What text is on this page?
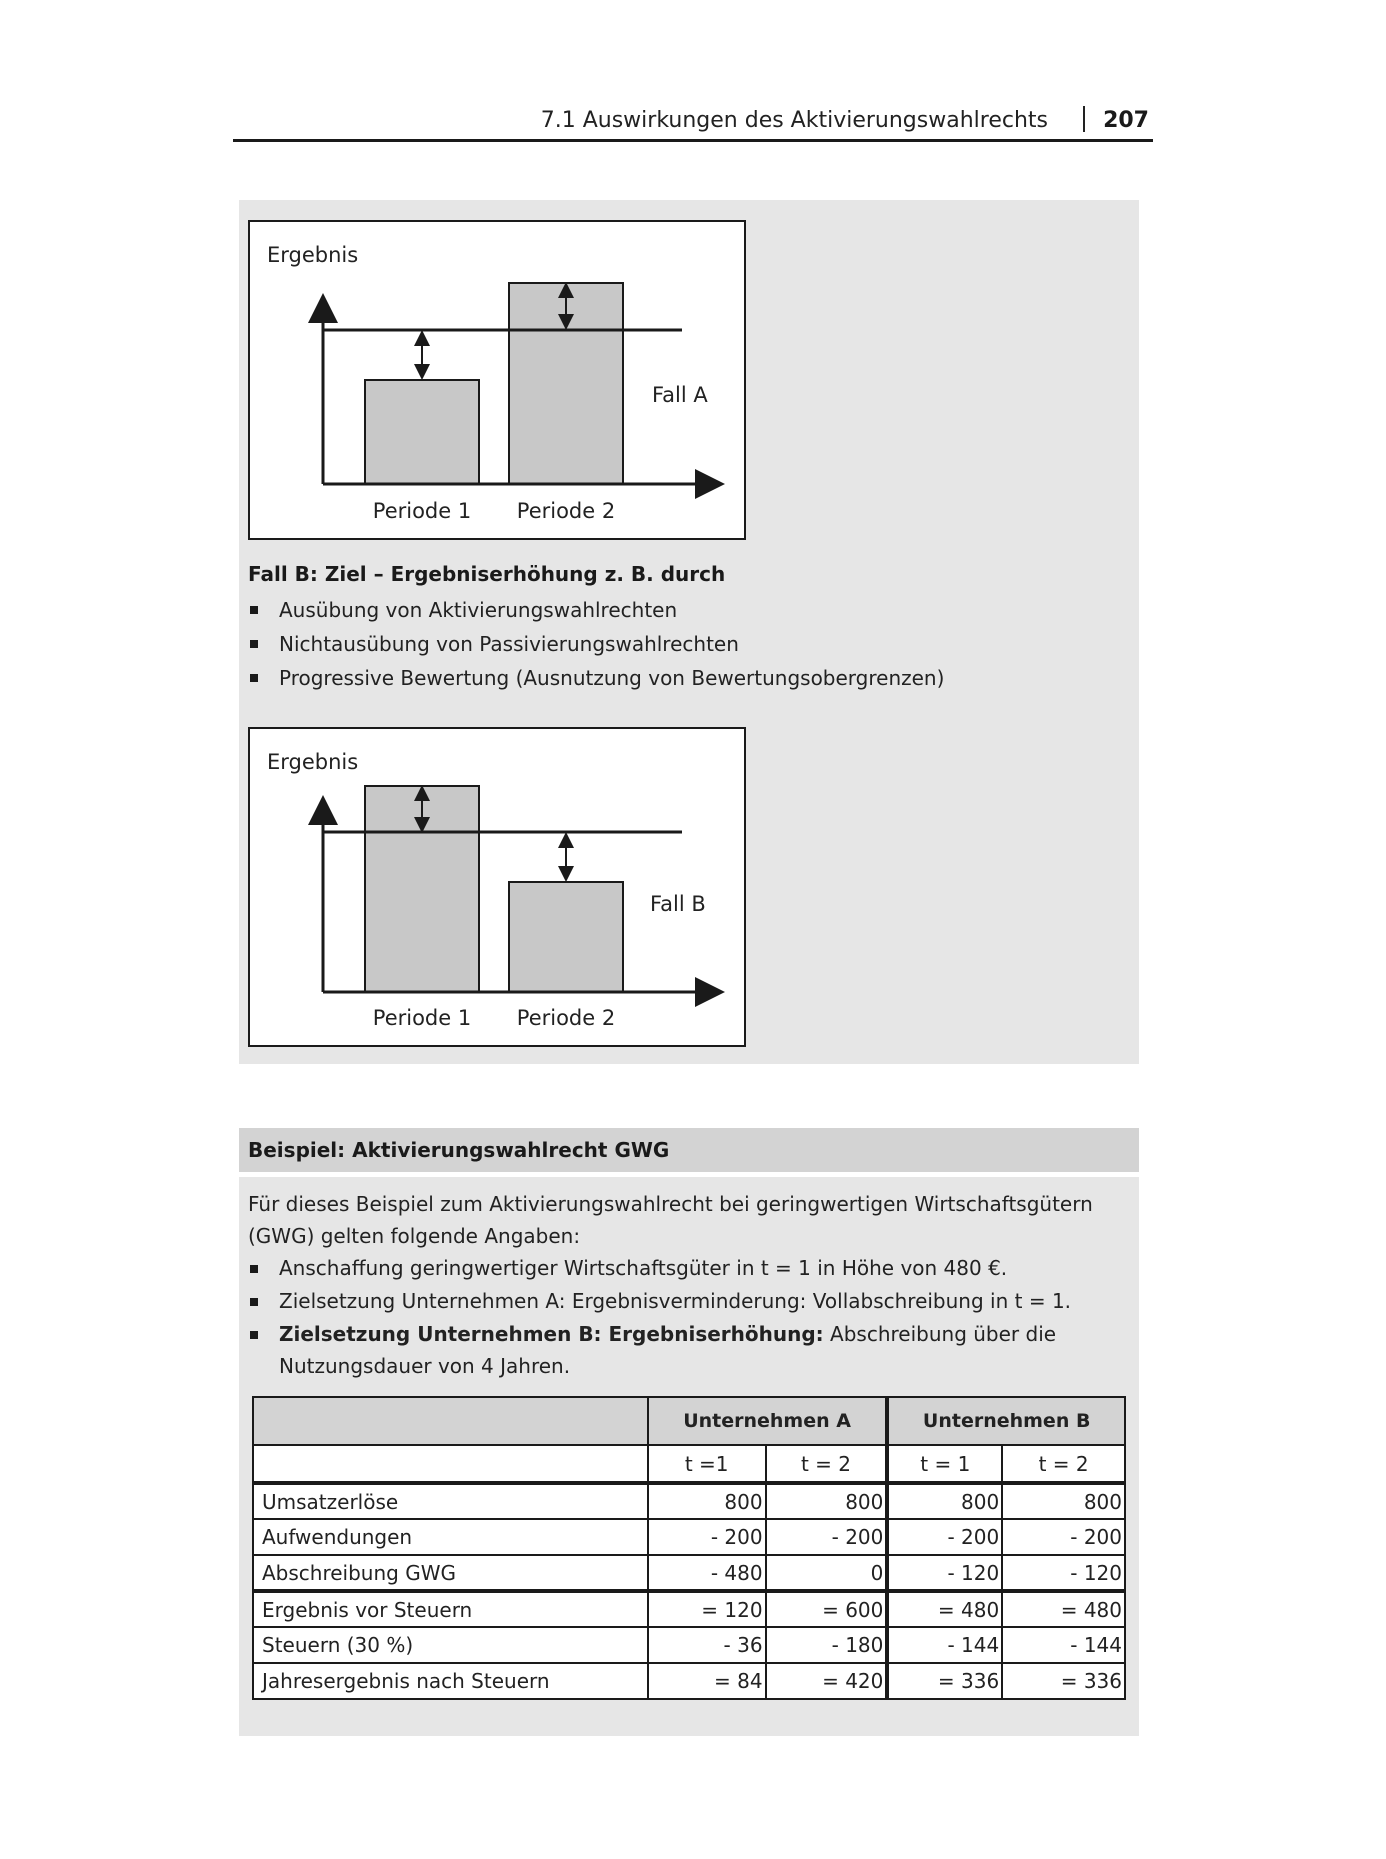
7.1 Auswirkungen des Aktivierungswahlrechts	207
Ergebnis
Fall A
Periode 1 Periode 2
Fall B: Ziel – Ergebniserhöhung z. B. durch
Ausübung von Aktivierungswahlrechten
Nichtausübung von Passivierungswahlrechten
Progressive Bewertung (Ausnutzung von Bewertungsobergrenzen)
Ergebnis
Fall B
Periode 1 Periode 2
Beispiel: Aktivierungswahlrecht GWG
Für dieses Beispiel zum Aktivierungswahlrecht bei geringwertigen Wirtschaftsgütern (GWG) gelten folgende Angaben:
Anschaffung geringwertiger Wirtschaftsgüter in t = 1 in Höhe von 480 €.
Zielsetzung Unternehmen A: Ergebnisverminderung: Vollabschreibung in t = 1.
Zielsetzung Unternehmen B: Ergebniserhöhung: Abschreibung über die Nutzungsdauer von 4 Jahren.
	Unternehmen A		Unternehmen B	
	t =1	t = 2	t = 1	t = 2
Umsatzerlöse	800	800	800	800
Aufwendungen	- 200	- 200	- 200	- 200
Abschreibung GWG	- 480	0	- 120	- 120
Ergebnis vor Steuern	= 120	= 600	= 480	= 480
Steuern (30 %)	- 36	- 180	- 144	- 144
Jahresergebnis nach Steuern	= 84	= 420	= 336	= 336
